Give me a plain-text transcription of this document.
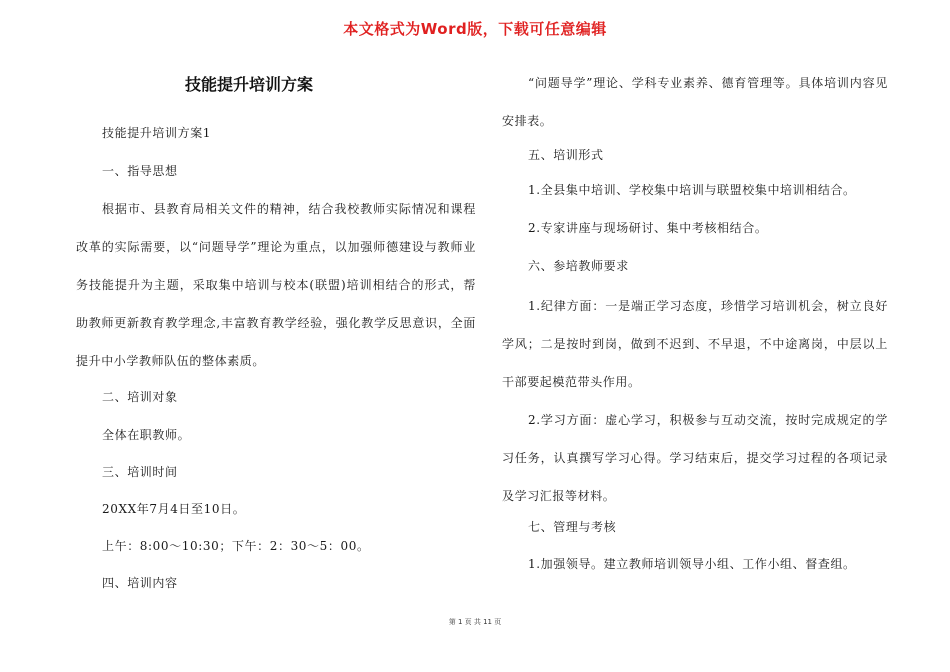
本文格式为Word版，下载可任意编辑
技能提升培训方案

技能提升培训方案1

一、指导思想

根据市、县教育局相关文件的精神，结合我校教师实际情况和课程改革的实际需要，以“问题导学”理论为重点，以加强师德建设与教师业务技能提升为主题，采取集中培训与校本(联盟)培训相结合的形式，帮助教师更新教育教学理念,丰富教育教学经验，强化教学反思意识，全面提升中小学教师队伍的整体素质。

二、培训对象

全体在职教师。

三、培训时间

20XX年7月4日至10日。

上午：8:00～10:30；下午：2：30～5：00。

四、培训内容

“问题导学”理论、学科专业素养、德育管理等。具体培训内容见安排表。

五、培训形式

1.全县集中培训、学校集中培训与联盟校集中培训相结合。

2.专家讲座与现场研讨、集中考核相结合。

六、参培教师要求

1.纪律方面：一是端正学习态度，珍惜学习培训机会，树立良好学风；二是按时到岗，做到不迟到、不早退，不中途离岗，中层以上干部要起模范带头作用。

2.学习方面：虚心学习，积极参与互动交流，按时完成规定的学习任务，认真撰写学习心得。学习结束后，提交学习过程的各项记录及学习汇报等材料。

七、管理与考核

1.加强领导。建立教师培训领导小组、工作小组、督查组。

第 1 页 共 11 页
